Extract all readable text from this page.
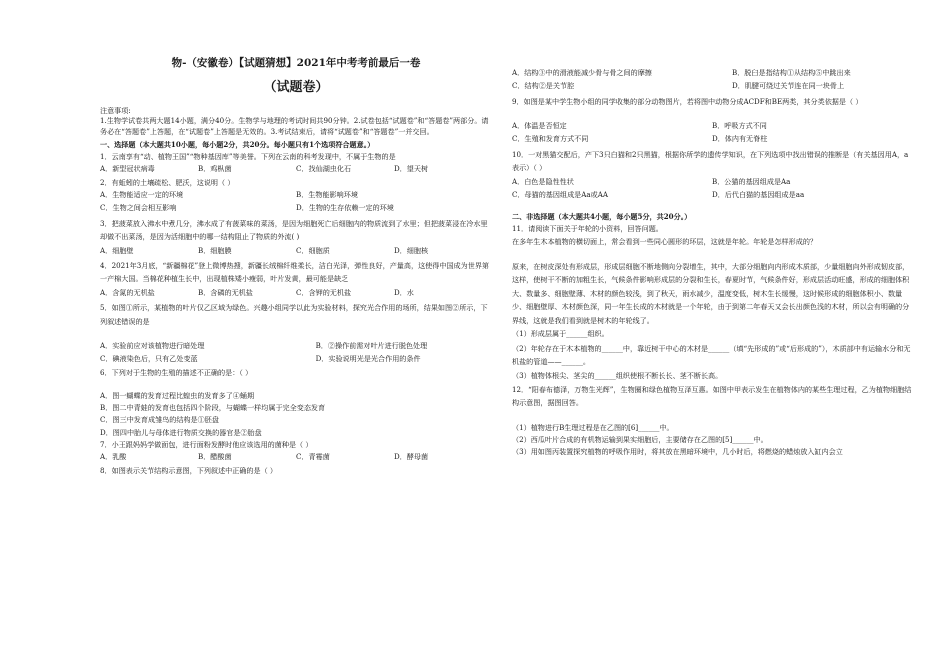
物-（安徽卷）【试题猜想】2021年中考考前最后一卷

（试题卷）

注意事项:

1.生物学试卷共两大题14小题，满分40分。生物学与地理的考试时间共90分钟。2.试卷包括“试题卷”和“答题卷”两部分。请务必在“答题卷”上答题，在“试题卷”上答题是无效的。3.考试结束后，请将“试题卷”和“答题卷”一并交回。

一、选择题（本大题共10小题，每小题2分，共20分。每小题只有1个选项符合题意。）

1．云南享有“动、植物王国”“物种基因库”等美誉。下列在云南的科考发现中，不属于生物的是

A．新型冠状病毒	B．鸡枞菌	C．找仙湖虫化石	D．望天树

2．有蚯蚓的土壤疏松、肥沃，这说明（ ）

A．生物能适应一定的环境	B．生物能影响环境
C．生物之间会相互影响	D．生物的生存依赖一定的环境

3．把菠菜放入沸水中煮几分，沸水成了有菠菜味的菜汤，是因为细胞死亡后细胞内的物质流到了水里；但把菠菜浸在冷水里却做不出菜汤，是因为活细胞中的哪一结构阻止了物质的外流( )

A．细胞壁	B．细胞膜	C．细胞质	D．细胞核

4．2021年3月底，“新疆棉花”登上微博热搜，新疆长绒棉纤维柔长，洁白光泽，弹性良好，产量高，这使得中国成为世界第一产棉大国。当棉花种植生长中，出现植株矮小瘦弱，叶片发黄，最可能是缺乏

A．含氮的无机盐	B．含磷的无机盐	C．含钾的无机盐	D．水

5．如图①所示，某植物的叶片仅乙区域为绿色。兴趣小组同学以此为实验材料，探究光合作用的场所，结果如图②所示，下列叙述错误的是

A．实验前应对该植物进行暗处理	B．②操作前需对叶片进行脱色处理
C．碘液染色后，只有乙处变蓝	D．实验说明光是光合作用的条件

6．下列对于生物的生殖的描述不正确的是：（ ）

A．图一蝴蝶的发育过程比蝗虫的发育多了④蛹期

B．图二中青蛙的发育也包括四个阶段，与蝴蝶一样均属于完全变态发育

C．图三中发育成雏鸟的结构是①胚盘

D．图四中胎儿与母体进行物质交换的器官是②胎盘

7．小王跟妈妈学做面包，进行面粉发酵时他应该选用的菌种是（ ）

A．乳酸	B．醋酸菌	C．青霉菌	D．酵母菌

8．如图表示关节结构示意图，下列叙述中正确的是（ ）

A．结构③中的滑液能减少骨与骨之间的摩擦	B．脱臼是指结构①从结构⑤中跳出来
C．结构②是关节腔	D．肌腱可绕过关节连在同一块骨上

9．如图是某中学生物小组的同学收集的部分动物图片，若将图中动物分成ACDF和BE两类，其分类依据是（ ）

A．体温是否恒定	B．呼吸方式不同
C．生殖和发育方式不同	D．体内有无脊柱

10．一对黑猫交配后，产下3只白猫和2只黑猫，根据你所学的遗传学知识，在下列选项中找出错误的推断是（有关基因用A，a表示）（ ）

A．白色是隐性性状	B．公猫的基因组成是Aa
C．母猫的基因组成是Aa或AA	D．后代白猫的基因组成是aa

二、非选择题（本大题共4小题，每小题5分，共20分。）

11．请阅读下面关于年轮的小资料，回答问题。

在多年生木本植物的横切面上，常会看到一些同心圆形的环层，这就是年轮。年轮是怎样形成的？

原来，在树皮深处有形成层，形成层细胞不断地侧向分裂增生，其中，大部分细胞向内形成木质部，少量细胞向外形成韧皮部，这样，使树干不断的加粗生长，气候条件影响形成层的分裂和生长，春夏时节，气候条件好，形成层活动旺盛，形成的细胞体积大、数量多、细胞壁薄、木材的颜色较浅，到了秋天，雨水减少，温度变低，树木生长缓慢，这时候形成的细胞体积小、数量少、细胞壁厚、木材颜色深，同一年生长成的木材就是一个年轮，由于到第二年春天又会长出颜色浅的木材，所以会有明确的分界线，这就是我们看到就是树木的年轮线了。

（1）形成层属于______组织。

（2）年轮存在于木本植物的______中，靠近树干中心的木材是______（填“先形成的”或“后形成的”），木质部中有运输水分和无机盐的管道——______。

（3）植物体根尖、茎尖的______组织使根不断长长、茎不断长高。

12．“阳春布德泽，万物生光辉”，生物圈和绿色植物互泽互惠。如图中甲表示发生在植物体内的某些生理过程，乙为植物细胞结构示意图，据图回答。

（1）植物进行B生理过程是在乙图的[6]______中。

（2）西瓜叶片合成的有机物运输到果实细胞后，主要储存在乙图的[5]______中。

（3）用如图丙装置探究植物的呼吸作用时，将其放在黑暗环境中，几小时后，将燃烧的蜡烛放入缸内会立
